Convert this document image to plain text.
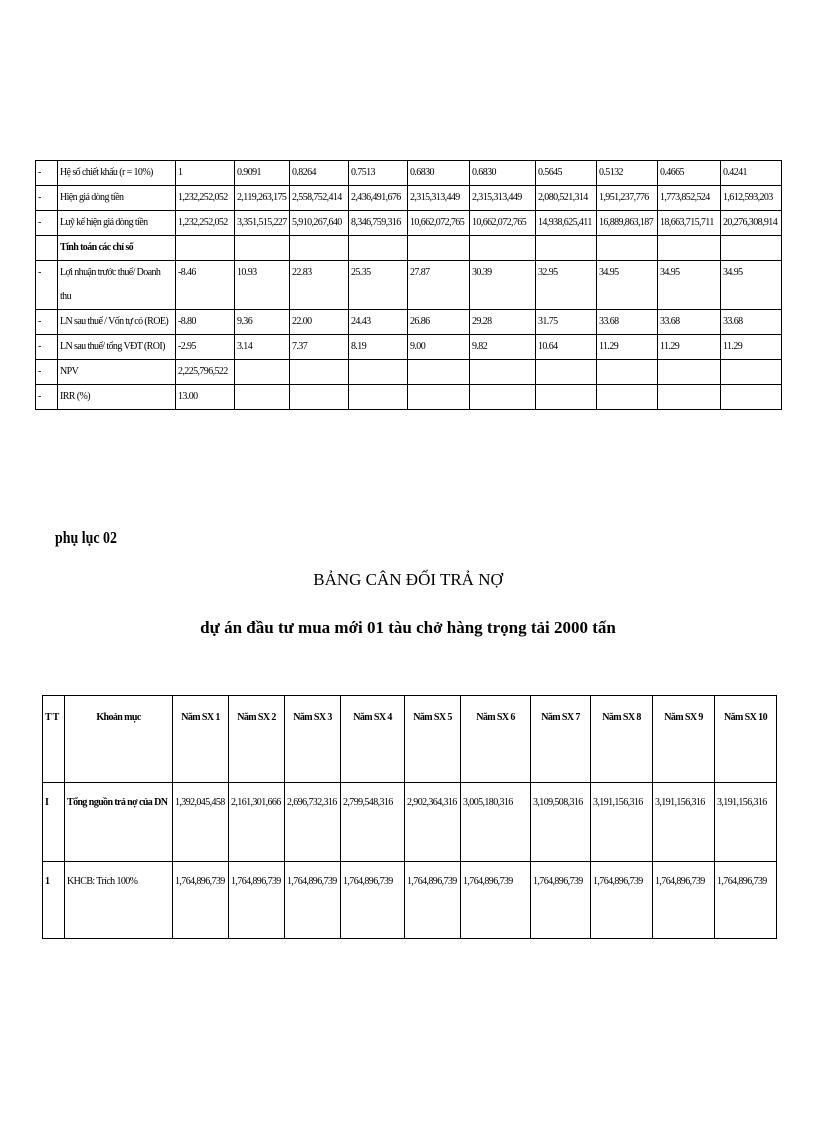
-	Hệ số chiết khấu (r = 10%)	1	0.9091	0.8264	0.7513	0.6830	0.6830	0.5645	0.5132	0.4665	0.4241
-	Hiện giá dòng tiền	1,232,252,052	2,119,263,175	2,558,752,414	2,436,491,676	2,315,313,449	2,315,313,449	2,080,521,314	1,951,237,776	1,773,852,524	1,612,593,203
-	Luỹ kế hiện giá dòng tiền	1,232,252,052	3,351,515,227	5,910,267,640	8,346,759,316	10,662,072,765	10,662,072,765	14,938,625,411	16,889,863,187	18,663,715,711	20,276,308,914
	Tính toán các chỉ số										
-	Lợi nhuận trước thuế/ Doanh thu	-8.46	10.93	22.83	25.35	27.87	30.39	32.95	34.95	34.95	34.95
-	LN sau thuế / Vốn tự có (ROE)	-8.80	9.36	22.00	24.43	26.86	29.28	31.75	33.68	33.68	33.68
-	LN sau thuế/ tổng VĐT (ROI)	-2.95	3.14	7.37	8.19	9.00	9.82	10.64	11.29	11.29	11.29
-	NPV	2,225,796,522									
-	IRR (%)	13.00									
phụ lục 02
BẢNG CÂN ĐỐI TRẢ NỢ
dự án đầu tư mua mới 01 tàu chở hàng trọng tải 2000 tấn
T T	Khoản mục	Năm SX 1	Năm SX 2	Năm SX 3	Năm SX 4	Năm SX 5	Năm SX 6	Năm SX 7	Năm SX 8	Năm SX 9	Năm SX 10
I	Tổng nguồn trả nợ của DN	1,392,045,458	2,161,301,666	2,696,732,316	2,799,548,316	2,902,364,316	3,005,180,316	3,109,508,316	3,191,156,316	3,191,156,316	3,191,156,316
1	KHCB: Trích 100%	1,764,896,739	1,764,896,739	1,764,896,739	1,764,896,739	1,764,896,739	1,764,896,739	1,764,896,739	1,764,896,739	1,764,896,739	1,764,896,739
